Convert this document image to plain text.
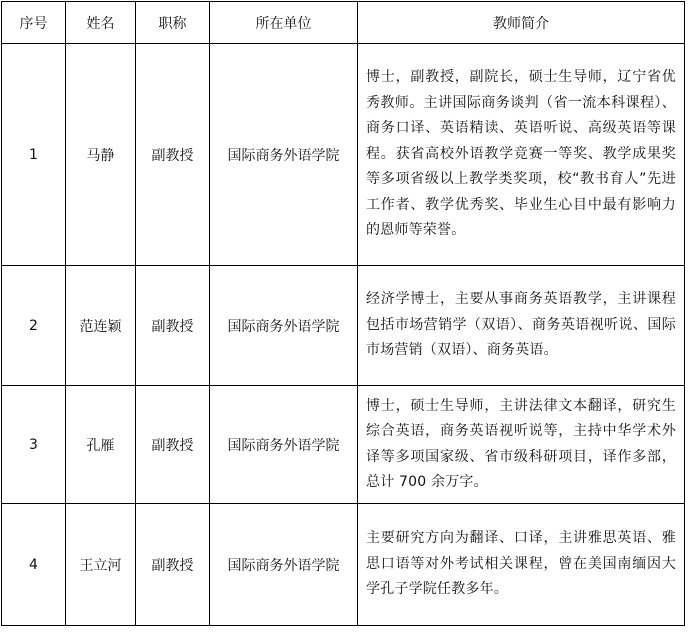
序号	姓名	职称	所在单位	教师简介
1	马静	副教授	国际商务外语学院	博士，副教授，副院长，硕士生导师，辽宁省优秀教师。主讲国际商务谈判（省一流本科课程）、商务口译、英语精读、英语听说、高级英语等课程。获省高校外语教学竞赛一等奖、教学成果奖等多项省级以上教学类奖项，校“教书育人”先进工作者、教学优秀奖、毕业生心目中最有影响力的恩师等荣誉。
2	范连颖	副教授	国际商务外语学院	经济学博士，主要从事商务英语教学，主讲课程包括市场营销学（双语）、商务英语视听说、国际市场营销（双语）、商务英语。
3	孔雁	副教授	国际商务外语学院	博士，硕士生导师，主讲法律文本翻译，研究生综合英语，商务英语视听说等，主持中华学术外译等多项国家级、省市级科研项目，译作多部，总计 700 余万字。
4	王立河	副教授	国际商务外语学院	主要研究方向为翻译、口译，主讲雅思英语、雅思口语等对外考试相关课程，曾在美国南缅因大学孔子学院任教多年。
